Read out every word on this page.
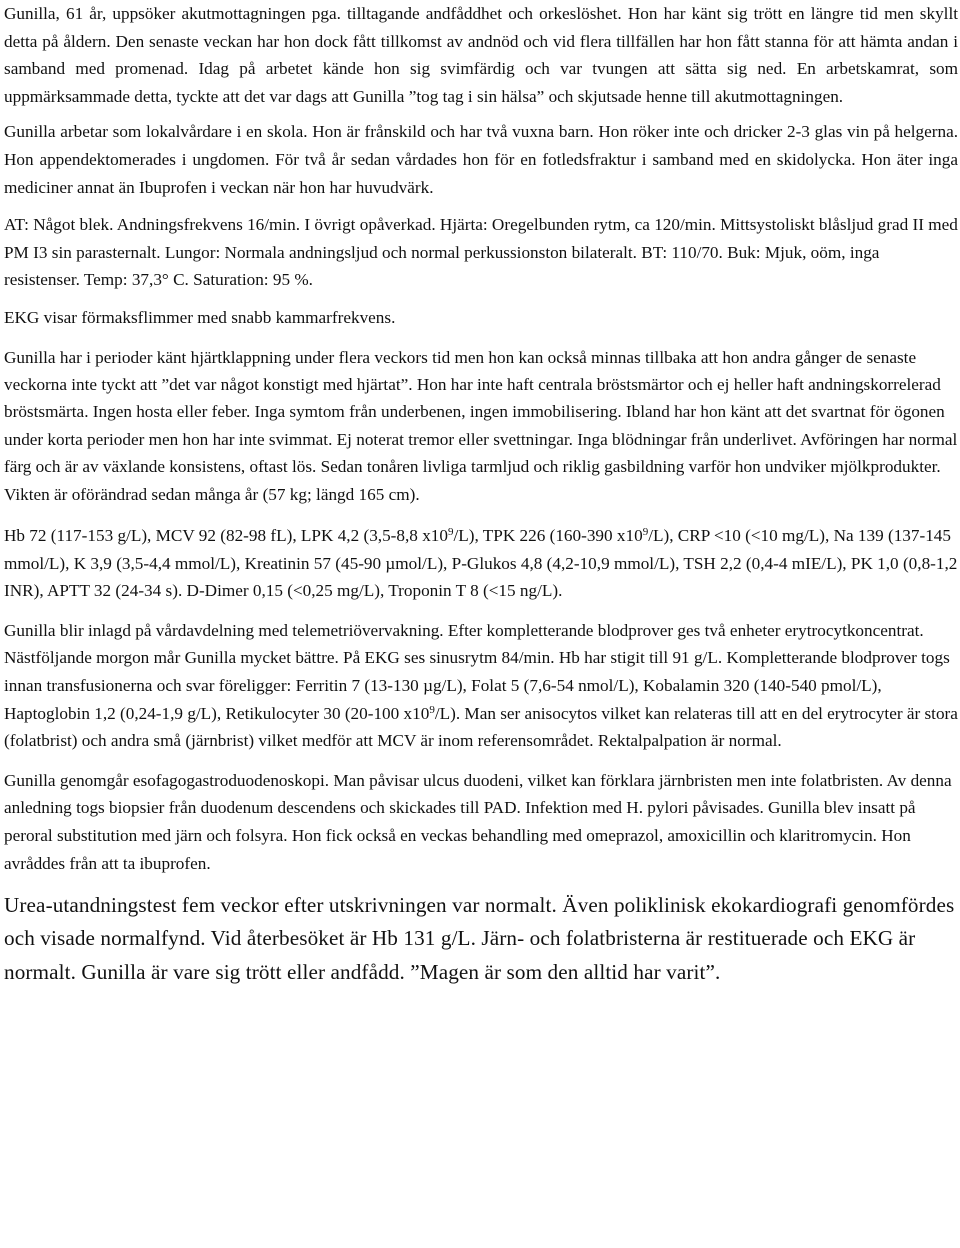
Gunilla, 61 år, uppsöker akutmottagningen pga. tilltagande andfåddhet och orkeslöshet. Hon har känt sig trött en längre tid men skyllt detta på åldern. Den senaste veckan har hon dock fått tillkomst av andnöd och vid flera tillfällen har hon fått stanna för att hämta andan i samband med promenad. Idag på arbetet kände hon sig svimfärdig och var tvungen att sätta sig ned. En arbetskamrat, som uppmärksammade detta, tyckte att det var dags att Gunilla ”tog tag i sin hälsa” och skjutsade henne till akutmottagningen.

Gunilla arbetar som lokalvårdare i en skola. Hon är frånskild och har två vuxna barn. Hon röker inte och dricker 2-3 glas vin på helgerna. Hon appendektomerades i ungdomen. För två år sedan vårdades hon för en fotledsfraktur i samband med en skidolycka. Hon äter inga mediciner annat än Ibuprofen i veckan när hon har huvudvärk.

AT: Något blek. Andningsfrekvens 16/min. I övrigt opåverkad. Hjärta: Oregelbunden rytm, ca 120/min. Mittsystoliskt blåsljud grad II med PM I3 sin parasternalt. Lungor: Normala andningsljud och normal perkussionston bilateralt. BT: 110/70. Buk: Mjuk, oöm, inga resistenser. Temp: 37,3° C. Saturation: 95 %.

EKG visar förmaksflimmer med snabb kammarfrekvens.

Gunilla har i perioder känt hjärtklappning under flera veckors tid men hon kan också minnas tillbaka att hon andra gånger de senaste veckorna inte tyckt att ”det var något konstigt med hjärtat”. Hon har inte haft centrala bröstsmärtor och ej heller haft andningskorrelerad bröstsmärta. Ingen hosta eller feber. Inga symtom från underbenen, ingen immobilisering. Ibland har hon känt att det svartnat för ögonen under korta perioder men hon har inte svimmat. Ej noterat tremor eller svettningar. Inga blödningar från underlivet. Avföringen har normal färg och är av växlande konsistens, oftast lös. Sedan tonåren livliga tarmljud och riklig gasbildning varför hon undviker mjölkprodukter. Vikten är oförändrad sedan många år (57 kg; längd 165 cm).

Hb 72 (117-153 g/L), MCV 92 (82-98 fL), LPK 4,2 (3,5-8,8 $x10^9/L$), TPK 226 (160-390 $x10^9/L$), CRP <10 (<10 mg/L), Na 139 (137-145 mmol/L), K 3,9 (3,5-4,4 mmol/L), Kreatinin 57 (45-90 µmol/L), P-Glukos 4,8 (4,2-10,9 mmol/L), TSH 2,2 (0,4-4 mIE/L), PK 1,0 (0,8-1,2 INR), APTT 32 (24-34 s). D-Dimer 0,15 (<0,25 mg/L), Troponin T 8 (<15 ng/L).

Gunilla blir inlagd på vårdavdelning med telemetriövervakning. Efter kompletterande blodprover ges två enheter erytrocytkoncentrat. Nästföljande morgon mår Gunilla mycket bättre. På EKG ses sinusrytm 84/min. Hb har stigit till 91 g/L. Kompletterande blodprover togs innan transfusionerna och svar föreligger: Ferritin 7 (13-130 µg/L), Folat 5 (7,6-54 nmol/L), Kobalamin 320 (140-540 pmol/L), Haptoglobin 1,2 (0,24-1,9 g/L), Retikulocyter 30 (20-100 $x10^9/L$). Man ser anisocytos vilket kan relateras till att en del erytrocyter är stora (folatbrist) och andra små (järnbrist) vilket medför att MCV är inom referensområdet. Rektalpalpation är normal.

Gunilla genomgår esofagogastroduodenoskopi. Man påvisar ulcus duodeni, vilket kan förklara järnbristen men inte folatbristen. Av denna anledning togs biopsier från duodenum descendens och skickades till PAD. Infektion med H. pylori påvisades. Gunilla blev insatt på peroral substitution med järn och folsyra. Hon fick också en veckas behandling med omeprazol, amoxicillin och klaritromycin. Hon avråddes från att ta ibuprofen.

Urea-utandningstest fem veckor efter utskrivningen var normalt. Även poliklinisk ekokardiografi genomfördes och visade normalfynd. Vid återbesöket är Hb 131 g/L. Järn- och folatbristerna är restituerade och EKG är normalt. Gunilla är vare sig trött eller andfådd. ”Magen är som den alltid har varit”.
